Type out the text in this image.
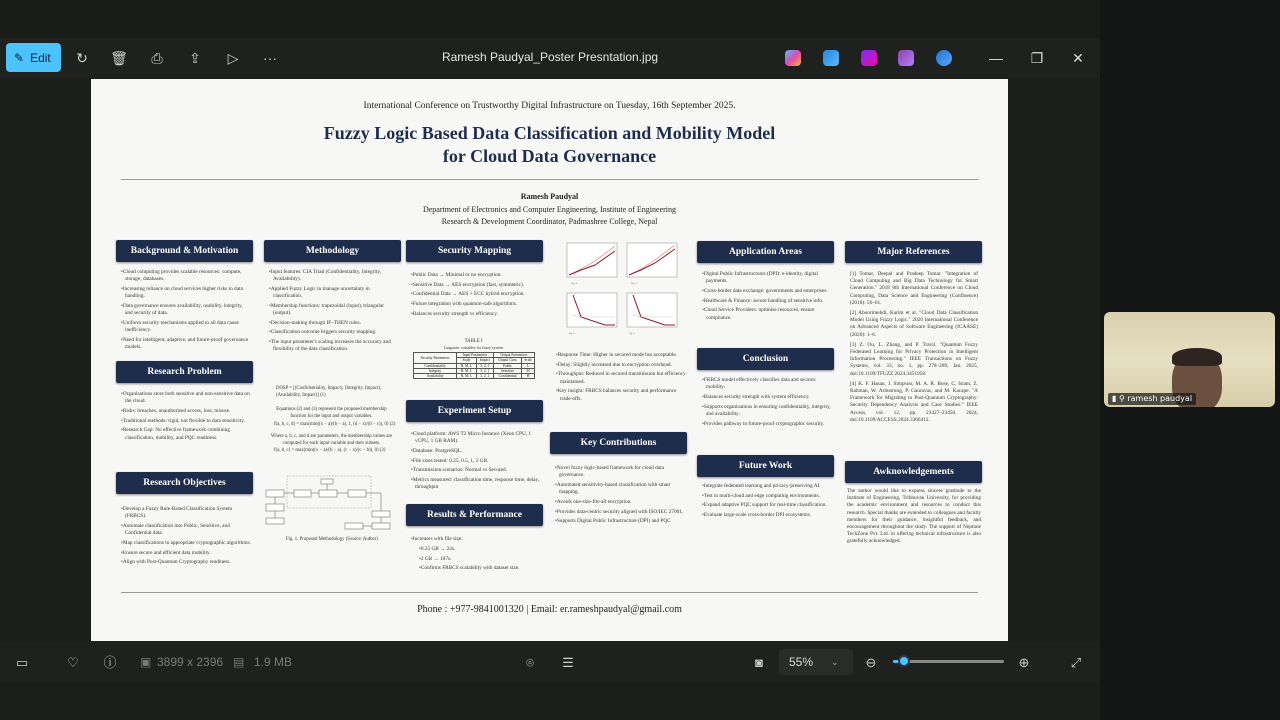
✎ Edit ↻ 🗑 ⎙ ⇪ ▷ ···	Ramesh Paudyal_Poster Presntation.jpg	— ❐ ✕
International Conference on Trustworthy Digital Infrastructure on Tuesday, 16th September 2025.
Fuzzy Logic Based Data Classification and Mobility Model
for Cloud Data Governance
Ramesh Paudyal
Department of Electronics and Computer Engineering, Institute of Engineering
Research & Development Coordinator, Padmashree College, Nepal
Background & Motivation
• Cloud computing provides scalable resources: compute, storage, databases.
• Increasing reliance on cloud services higher risks in data handling.
• Data governance ensures availability, usability, integrity, and security of data.
• Uniform security mechanisms applied to all data cause inefficiency.
• Need for intelligent, adaptive, and future-proof governance models.
Research Problem
• Organisations store both sensitive and non-sensitive data on the cloud.
• Risks: breaches, unauthorised access, loss, misuse.
• Traditional methods: rigid, not flexible to data sensitivity.
• Research Gap: No effective framework combining classification, mobility, and PQC readiness.
Research Objectives
• Develop a Fuzzy Rule-Based Classification System (FRBCS).
• Automate classification into Public, Sensitive, and Confidential data.
• Map classifications to appropriate cryptographic algorithms.
• Ensure secure and efficient data mobility.
• Align with Post-Quantum Cryptography readiness.
Methodology
• Input features: CIA Triad (Confidentiality, Integrity, Availability).
• Applied Fuzzy Logic to manage uncertainty in classification.
• Membership functions: trapezoidal (input), triangular (output).
• Decision-making through IF–THEN rules.
• Classification outcome triggers security mapping.
• The input parameter's scaling increases the accuracy and flexibility of the data classification.
DOSP = [(Confidentiality, Impact), (Integrity, Impact), (Availability, Impact)] (1)
Equations (2) and (3) represent the proposed membership function for the input and output variables.
f(a, b, c, d) = max(min((x − a)/(b − a), 1, (d − x)/(d − c)), 0) (2)
Where a, b, c, and d are parameters, the membership values are computed for each input variable and their subsets.
f(a, b, c) = max(min((x − a)/(b − a), (c − x)/(c − b)), 0) (3)
Fig. 1. Proposed Methodology (Source: Author)
Security Mapping
• Public Data → Minimal or no encryption.
• Sensitive Data → AES encryption (fast, symmetric).
• Confidential Data → AES + ECC hybrid encryption.
• Future integration with quantum-safe algorithms.
• Balances security strength vs efficiency.
TABLE I
Linguistic variables for fuzzy system
Security Parameters	Input Parameters		Output Parameters	
	Scale	Impact	Output Class	Scale
Confidentiality	H, M, L	3, 2, 1	Public	L
Integrity	H, M, L	3, 2, 1	Sensitive	M
Availability	H, M, L	3, 2, 1	Confidential	H
Experiment Setup
• Cloud platform: AWS T2 Micro Instance (Xeon CPU, 1 vCPU, 1 GB RAM).
• Database: PostgreSQL.
• File sizes tested: 0.25, 0.5, 1, 2 GB.
• Transmission scenarios: Normal vs Secured.
• Metrics measured: classification time, response time, delay, throughput
Results & Performance
• Increases with file size:
• 0.25 GB → 22s.
• 2 GB → 187s.
• Confirms FRBCS scalability with dataset size.
Fig. 2.	Fig. 3.
Fig. 4.	Fig. 5.
• Response Time: Higher in secured mode but acceptable.
• Delay: Slightly increased due to encryption overhead.
• Throughput: Reduced in secured transmission but efficiency maintained.
• Key insight: FRBCS balances security and performance trade-offs.
Key Contributions
• Novel fuzzy logic-based framework for cloud data governance.
• Automated sensitivity-based classification with smart mapping.
• Avoids one-size-fits-all encryption.
• Provides data-centric security aligned with ISO/IEC 27001.
• Supports Digital Public Infrastructure (DPI) and PQC
Application Areas
• Digital Public Infrastructures (DPI): e-identity, digital payments.
• Cross-border data exchange: governments and enterprises.
• Healthcare & Finance: secure handling of sensitive info.
• Cloud Service Providers: optimise resources, ensure compliance.
Conclusion
• FRBCS model effectively classifies data and secures mobility.
• Balances security strength with system efficiency.
• Supports organisations in ensuring confidentiality, integrity, and availability.
• Provides pathway to future-proof cryptographic security.
Future Work
• Integrate federated learning and privacy-preserving AI.
• Test in multi-cloud and edge computing environments.
• Expand adaptive PQC support for real-time classification.
• Evaluate large-scale cross-border DPI ecosystems.
Major References
[1] Tomar, Deepal and Pradeep Tomar. "Integration of Cloud Computing and Big Data Technology for Smart Generation." 2018 8th International Conference on Cloud Computing, Data Science and Engineering (Confluence) (2018): 56–61.
[2] Aboorimehdi, Karim et al. "Cloud Data Classification Model Using Fuzzy Logic." 2020 International Conference on Advanced Aspects of Software Engineering (ICAASE) (2020): 1–6.
[3] Z. Ou, L. Zhang, and P. Travil. "Quantum Fuzzy Federated Learning for Privacy Protection in Intelligent Information Processing." IEEE Transactions on Fuzzy Systems, vol. 33, no. 1, pp. 278–289, Jan. 2025, doi:10.1109/TFUZZ.2024.3451958.
[4] K. F. Hasan, J. Simpson, M. A. R. Bose, C. Islam, Z. Rahman, W. Armstrong, P. Gauravas, and M. Kacape. "A Framework for Migrating to Post-Quantum Cryptography: Security Dependency Analysis and Case Studies." IEEE Access, vol. 12, pp. 23427–23450, 2024, doi:10.1109/ACCESS.2024.3366412.
Awknowledgements
The author would like to express sincere gratitude to the Institute of Engineering, Tribhuvan University, for providing the academic environment and resources to conduct this research. Special thanks are extended to colleagues and faculty members for their guidance, insightful feedback, and encouragement throughout the study. The support of Neptune TechZone Pvt. Ltd. in offering technical infrastructure is also gratefully acknowledged.
Phone : +977-9841001320 | Email: er.rameshpaudyal@gmail.com
▮ ⚲ ramesh paudyal
▭	♡ ⓘ ▣ 3899 x 2396 ▤ 1.9 MB	⌾	☰	◙	55% ⌄ ⊖	⊕	⤢
